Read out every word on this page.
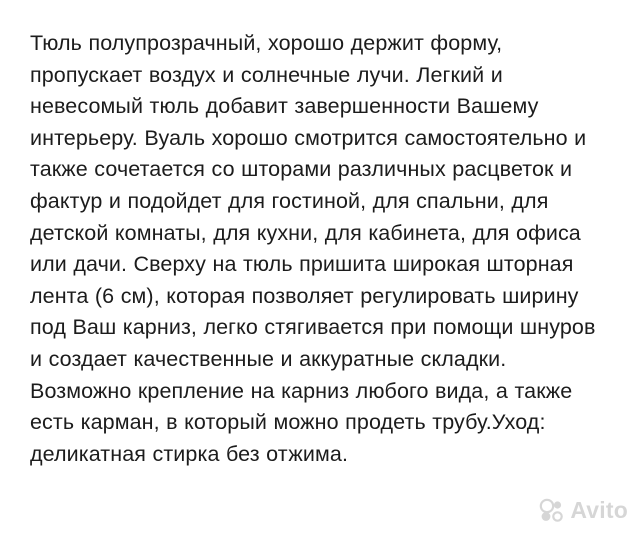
Тюль полупрозрачный, хорошо держит форму, пропускает воздух и солнечные лучи. Легкий и невесомый тюль добавит завершенности Вашему интерьеру. Вуаль хорошо смотрится самостоятельно и также сочетается со шторами различных расцветок и фактур и подойдет для гостиной, для спальни, для детской комнаты, для кухни, для кабинета, для офиса или дачи. Сверху на тюль пришита широкая шторная лента (6 см), которая позволяет регулировать ширину под Ваш карниз, легко стягивается при помощи шнуров и создает качественные и аккуратные складки. Возможно крепление на карниз любого вида, а также есть карман, в который можно продеть трубу.Уход: деликатная стирка без отжима.
Avito
